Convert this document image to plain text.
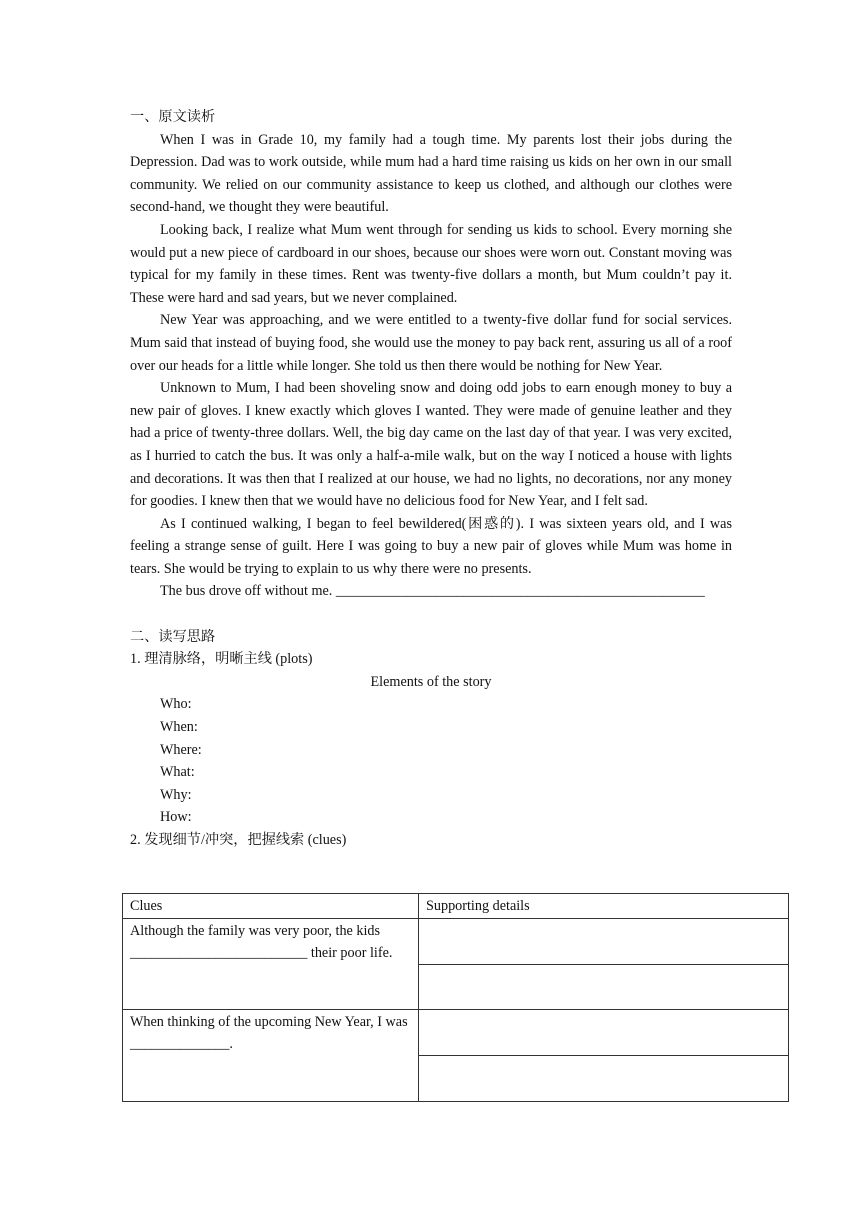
一、原文读析

When I was in Grade 10, my family had a tough time. My parents lost their jobs during the Depression. Dad was to work outside, while mum had a hard time raising us kids on her own in our small community. We relied on our community assistance to keep us clothed, and although our clothes were second-hand, we thought they were beautiful.

Looking back, I realize what Mum went through for sending us kids to school. Every morning she would put a new piece of cardboard in our shoes, because our shoes were worn out. Constant moving was typical for my family in these times. Rent was twenty-five dollars a month, but Mum couldn’t pay it. These were hard and sad years, but we never complained.

New Year was approaching, and we were entitled to a twenty-five dollar fund for social services. Mum said that instead of buying food, she would use the money to pay back rent, assuring us all of a roof over our heads for a little while longer. She told us then there would be nothing for New Year.

Unknown to Mum, I had been shoveling snow and doing odd jobs to earn enough money to buy a new pair of gloves. I knew exactly which gloves I wanted. They were made of genuine leather and they had a price of twenty-three dollars. Well, the big day came on the last day of that year. I was very excited, as I hurried to catch the bus. It was only a half-a-mile walk, but on the way I noticed a house with lights and decorations. It was then that I realized at our house, we had no lights, no decorations, nor any money for goodies. I knew then that we would have no delicious food for New Year, and I felt sad.

As I continued walking, I began to feel bewildered(困惑的). I was sixteen years old, and I was feeling a strange sense of guilt. Here I was going to buy a new pair of gloves while Mum was home in tears. She would be trying to explain to us why there were no presents.

The bus drove off without me. ____________________________________________________

二、读写思路

1. 理清脉络，明晰主线 (plots)

Elements of the story

Who:

When:

Where:

What:

Why:

How:

2. 发现细节/冲突，把握线索 (clues)

Clues	Supporting details
Although the family was very poor, the kids _________________________ their poor life.	

When thinking of the upcoming New Year, I was ______________.	
